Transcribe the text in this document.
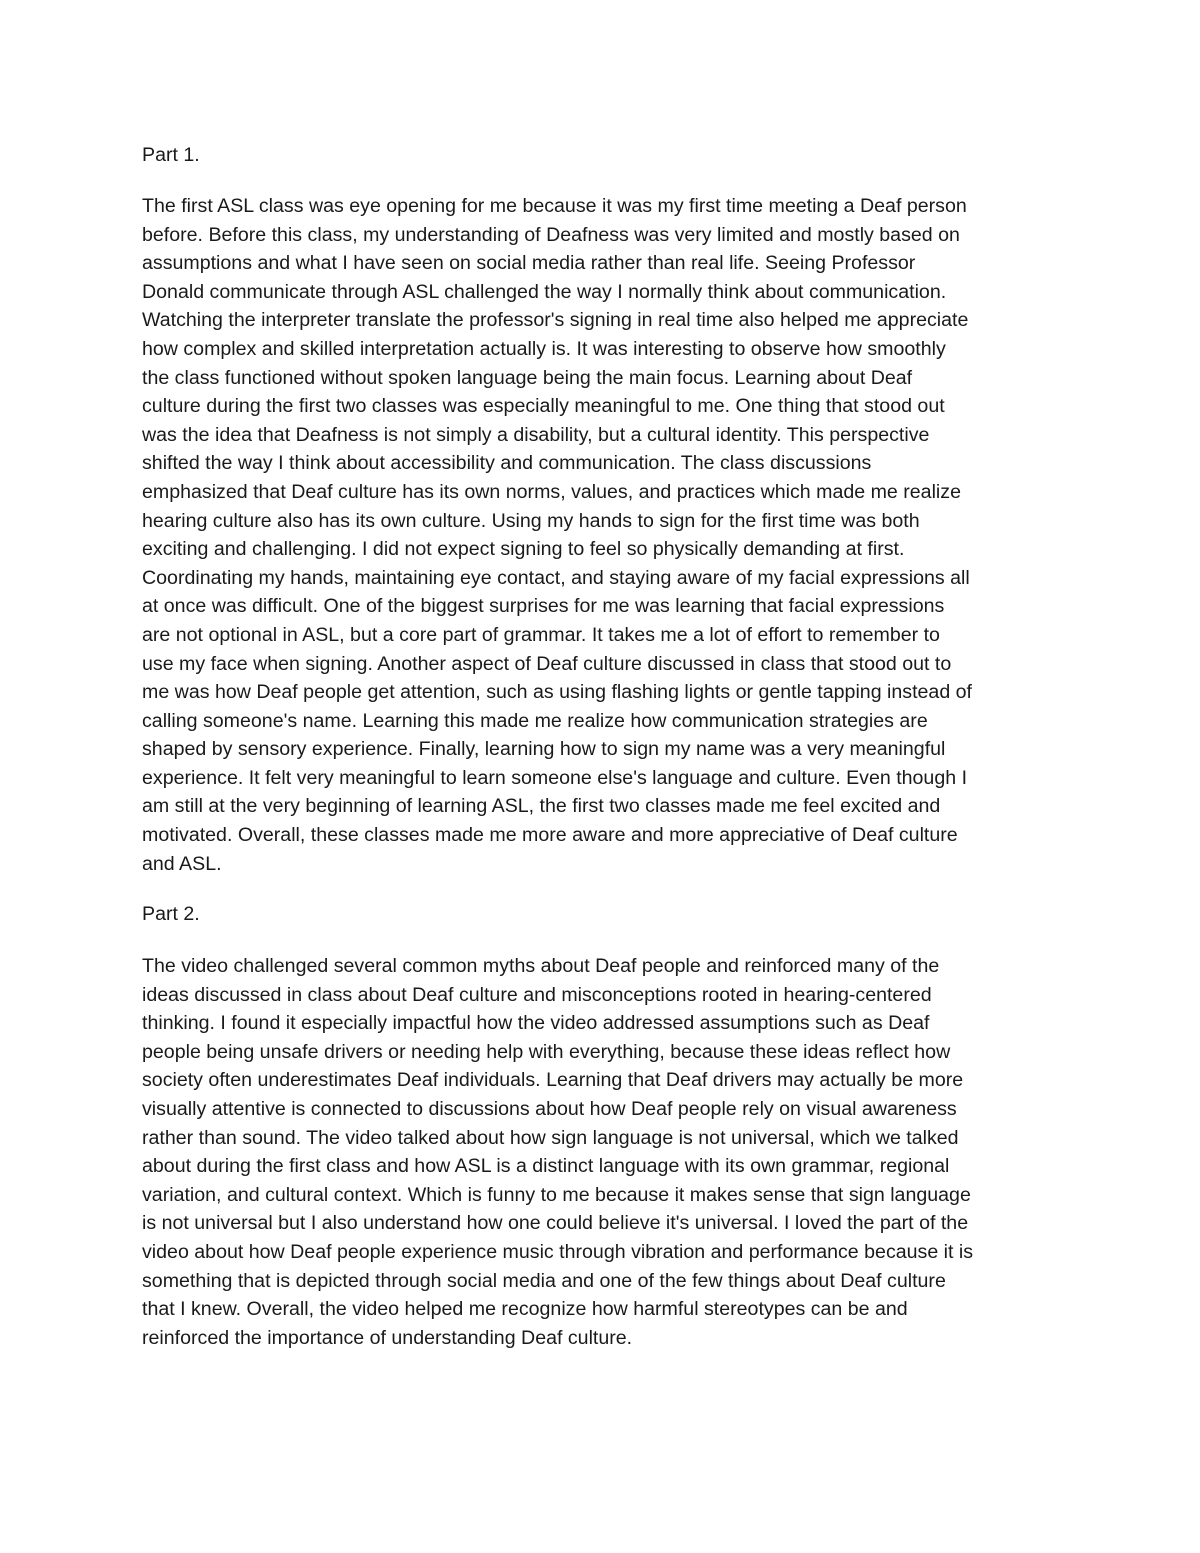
Part 1.
The first ASL class was eye opening for me because it was my first time meeting a Deaf person
before. Before this class, my understanding of Deafness was very limited and mostly based on
assumptions and what I have seen on social media rather than real life. Seeing Professor
Donald communicate through ASL challenged the way I normally think about communication.
Watching the interpreter translate the professor's signing in real time also helped me appreciate
how complex and skilled interpretation actually is. It was interesting to observe how smoothly
the class functioned without spoken language being the main focus. Learning about Deaf
culture during the first two classes was especially meaningful to me. One thing that stood out
was the idea that Deafness is not simply a disability, but a cultural identity. This perspective
shifted the way I think about accessibility and communication. The class discussions
emphasized that Deaf culture has its own norms, values, and practices which made me realize
hearing culture also has its own culture. Using my hands to sign for the first time was both
exciting and challenging. I did not expect signing to feel so physically demanding at first.
Coordinating my hands, maintaining eye contact, and staying aware of my facial expressions all
at once was difficult. One of the biggest surprises for me was learning that facial expressions
are not optional in ASL, but a core part of grammar. It takes me a lot of effort to remember to
use my face when signing. Another aspect of Deaf culture discussed in class that stood out to
me was how Deaf people get attention, such as using flashing lights or gentle tapping instead of
calling someone's name. Learning this made me realize how communication strategies are
shaped by sensory experience. Finally, learning how to sign my name was a very meaningful
experience. It felt very meaningful to learn someone else's language and culture. Even though I
am still at the very beginning of learning ASL, the first two classes made me feel excited and
motivated. Overall, these classes made me more aware and more appreciative of Deaf culture
and ASL.
Part 2.
The video challenged several common myths about Deaf people and reinforced many of the
ideas discussed in class about Deaf culture and misconceptions rooted in hearing-centered
thinking. I found it especially impactful how the video addressed assumptions such as Deaf
people being unsafe drivers or needing help with everything, because these ideas reflect how
society often underestimates Deaf individuals. Learning that Deaf drivers may actually be more
visually attentive is connected to discussions about how Deaf people rely on visual awareness
rather than sound. The video talked about how sign language is not universal, which we talked
about during the first class and how ASL is a distinct language with its own grammar, regional
variation, and cultural context. Which is funny to me because it makes sense that sign language
is not universal but I also understand how one could believe it's universal. I loved the part of the
video about how Deaf people experience music through vibration and performance because it is
something that is depicted through social media and one of the few things about Deaf culture
that I knew. Overall, the video helped me recognize how harmful stereotypes can be and
reinforced the importance of understanding Deaf culture.
